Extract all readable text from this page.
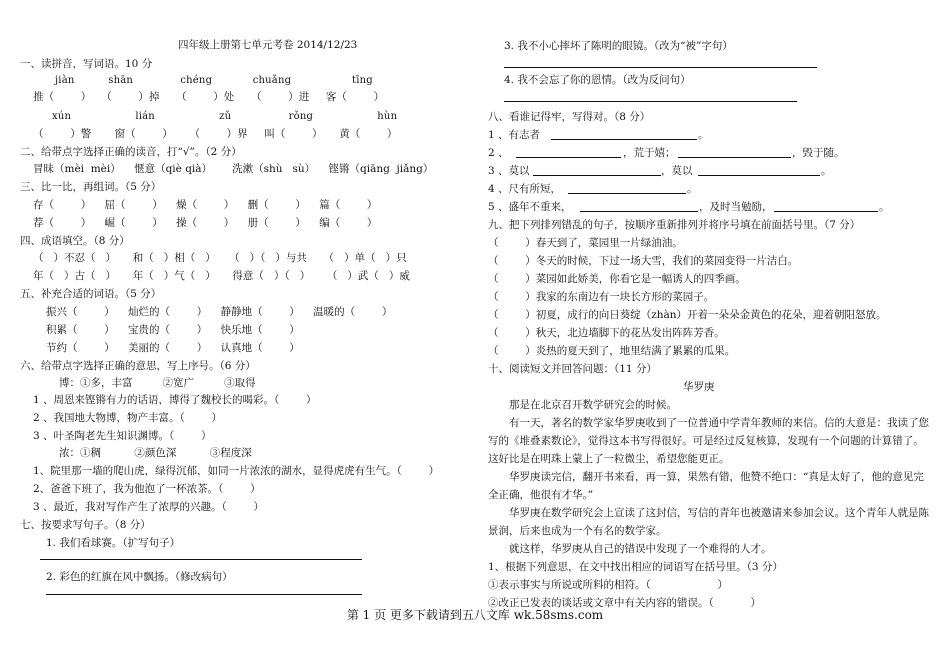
四年级上册第七单元考卷 2014/12/23
一、读拼音，写词语。10 分
jiàn          shān              chéng            chuǎng                  tīng
推（        ）   （        ）掉     （        ）处     （        ）进     客（        ）
xún                   lián                   zǔ                 rǒng                   hùn
（        ）警       窗（        ）     （        ）界     叫（        ）     黄（        ）
二、给带点字选择正确的读音，打“√”。（2 分）
冒昧（mèi  mèi）    惬意（qiè qià）      洗漱（shù   sù）    铿锵（qiāng  jiǎng）
三、比一比，再组词。（5 分）
存（        ）    屈（        ）    燥（        ）    删（        ）    篇（        ）
荐（        ）    崛（        ）    操（        ）    册（        ）    编（        ）
四、成语填空。（8 分）
（   ）不忍（   ）     和（   ）相（   ）    （   ）（   ）与共     （   ）单（   ）只
年（   ）古（   ）     年（   ）气（   ）     得意（   ）（   ）     （   ）武（   ）威
五、补充合适的词语。（5 分）
振兴（        ）    灿烂的（        ）    静静地（        ）    温暖的（        ）
积累（        ）    宝贵的（        ）    快乐地（        ）
节约（        ）    美丽的（        ）    认真地（        ）
六、给带点字选择正确的意思，写上序号。（6 分）
博：①多，丰富         ②宽广         ③取得
1 、周恩来铿锵有力的话语，博得了魏校长的喝彩。（        ）
2 、我国地大物博，物产丰富。（        ）
3 、叶圣陶老先生知识渊博。（        ）
浓：①稠          ②颜色深          ③程度深
1、院里那一墙的爬山虎，绿得沉郁，如同一片浓浓的湖水，显得虎虎有生气。（        ）
2、爸爸下班了，我为他泡了一杯浓茶。（        ）
3 、最近，我对写作产生了浓厚的兴趣。（        ）
七、按要求写句子。（8 分）
1. 我们看球赛。（扩写句子）
2. 彩色的红旗在风中飘扬。（修改病句）
3. 我不小心摔坏了陈明的眼镜。（改为“被”字句）
4. 我不会忘了你的恩情。（改为反问句）
八、看谁记得牢，写得对。（8 分）
1 、有志者	。
2 、	，荒于嬉；	，毁于随。
3 、莫以	，莫以	。
4 、尺有所短，	。
5 、盛年不重来，	，及时当勉励，	。
九、把下列排列错乱的句子，按顺序重新排列并将序号填在前面括号里。（7 分）
（        ）春天到了，菜园里一片绿油油。
（        ）冬天的时候，下过一场大雪，我们的菜园变得一片洁白。
（        ）菜园如此娇美，你看它是一幅诱人的四季画。
（        ）我家的东南边有一块长方形的菜园子。
（        ）初夏，成行的向日葵绽（zhàn）开着一朵朵金黄色的花朵，迎着朝阳怒放。
（        ）秋天，北边墙脚下的花丛发出阵阵芳香。
（        ）炎热的夏天到了，地里结满了累累的瓜果。
十、阅读短文并回答问题：（11 分）
华罗庚
那是在北京召开数学研究会的时候。
有一天，著名的数学家华罗庚收到了一位普通中学青年教师的来信。信的大意是：我读了您
写的《堆叠素数论》，觉得这本书写得很好。可是经过反复核算，发现有一个问题的计算错了。
这好比是在明珠上蒙上了一粒微尘，希望您能更正。
华罗庚读完信，翻开书来看，再一算，果然有错，他赞不绝口：“真是太好了，他的意见完
全正确，他很有才华。”
华罗庚在数学研究会上宣读了这封信，写信的青年也被邀请来参加会议。这个青年人就是陈
景润，后来也成为一个有名的数学家。
就这样，华罗庚从自己的错误中发现了一个难得的人才。
1、根据下列意思，在文中找出相应的词语写在括号里。（3 分）
①表示事实与所说或所料的相符。（                    ）
②改正已发表的谈话或文章中有关内容的错误。（           ）
第 1 页 更多下载请到五八文库 wk.58sms.com
